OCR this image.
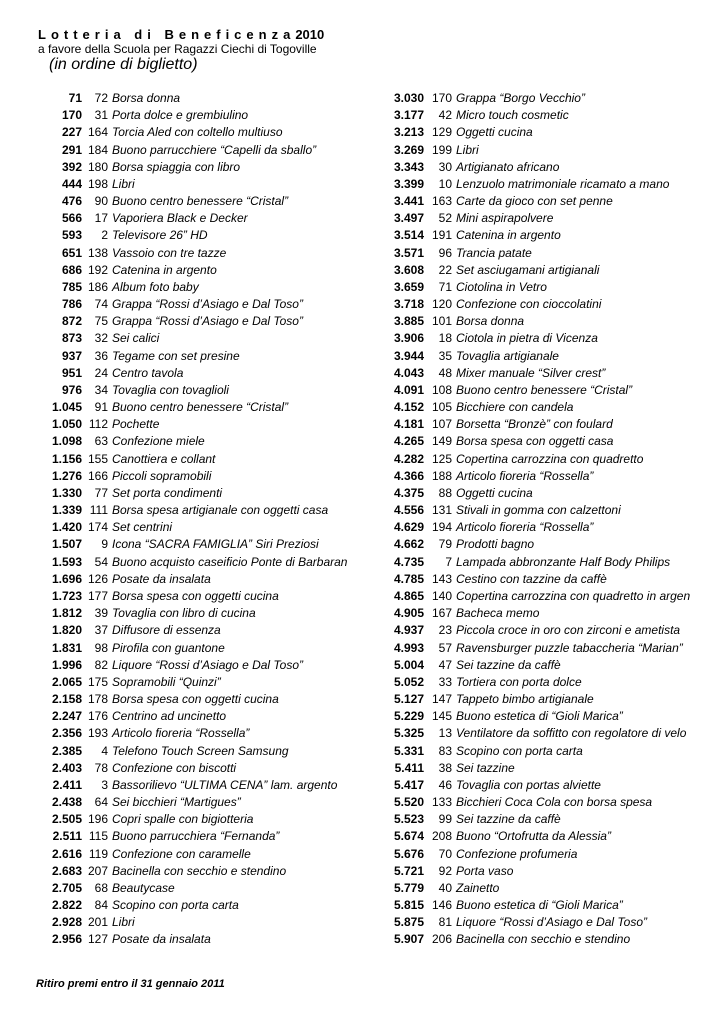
Lotteria di Beneficenza2010
a favore della Scuola per Ragazzi Ciechi di Togoville
(in ordine di biglietto)
71	72 Borsa donna
170	31 Porta dolce e grembiulino
227 164 Torcia Aled con coltello multiuso
291 184 Buono parrucchiere “Capelli da sballo”
392 180 Borsa spiaggia con libro
444 198 Libri
476	90 Buono centro benessere “Cristal”
566	17 Vaporiera Black e Decker
593	2 Televisore 26” HD
651 138 Vassoio con tre tazze
686 192 Catenina in argento
785 186 Album foto baby
786	74 Grappa “Rossi d’Asiago e Dal Toso”
872	75 Grappa “Rossi d’Asiago e Dal Toso”
873	32 Sei calici
937	36 Tegame con set presine
951	24 Centro tavola
976	34 Tovaglia con tovaglioli
1.045	91 Buono centro benessere “Cristal”
1.050 112 Pochette
1.098	63 Confezione miele
1.156 155 Canottiera e collant
1.276 166 Piccoli sopramobili
1.330	77 Set porta condimenti
1.339 111 Borsa spesa artigianale con oggetti casa
1.420 174 Set centrini
1.507	9 Icona “SACRA FAMIGLIA” Siri Preziosi
1.593	54 Buono acquisto caseificio Ponte di Barbaran
1.696 126 Posate da insalata
1.723 177 Borsa spesa con oggetti cucina
1.812	39 Tovaglia con libro di cucina
1.820	37 Diffusore di essenza
1.831	98 Pirofila con guantone
1.996	82 Liquore “Rossi d’Asiago e Dal Toso”
2.065 175 Sopramobili “Quinzi”
2.158 178 Borsa spesa con oggetti cucina
2.247 176 Centrino ad uncinetto
2.356 193 Articolo fioreria “Rossella”
2.385	4 Telefono Touch Screen Samsung
2.403	78 Confezione con biscotti
2.411	3 Bassorilievo “ULTIMA CENA” lam. argento
2.438	64 Sei bicchieri “Martigues”
2.505 196 Copri spalle con bigiotteria
2.511 115 Buono parrucchiera “Fernanda”
2.616 119 Confezione con caramelle
2.683 207 Bacinella con secchio e stendino
2.705	68 Beautycase
2.822	84 Scopino con porta carta
2.928 201 Libri
2.956 127 Posate da insalata
3.030 170 Grappa “Borgo Vecchio”
3.177	42 Micro touch cosmetic
3.213 129 Oggetti cucina
3.269 199 Libri
3.343	30 Artigianato africano
3.399	10 Lenzuolo matrimoniale ricamato a mano
3.441 163 Carte da gioco con set penne
3.497	52 Mini aspirapolvere
3.514 191 Catenina in argento
3.571	96 Trancia patate
3.608	22 Set asciugamani artigianali
3.659	71 Ciotolina in Vetro
3.718 120 Confezione con cioccolatini
3.885 101 Borsa donna
3.906	18 Ciotola in pietra di Vicenza
3.944	35 Tovaglia artigianale
4.043	48 Mixer manuale “Silver crest”
4.091 108 Buono centro benessere “Cristal”
4.152 105 Bicchiere con candela
4.181 107 Borsetta “Bronzè” con foulard
4.265 149 Borsa spesa con oggetti casa
4.282 125 Copertina carrozzina con quadretto
4.366 188 Articolo fioreria “Rossella”
4.375	88 Oggetti cucina
4.556 131 Stivali in gomma con calzettoni
4.629 194 Articolo fioreria “Rossella”
4.662	79 Prodotti bagno
4.735	7 Lampada abbronzante Half Body Philips
4.785 143 Cestino con tazzine da caffè
4.865 140 Copertina carrozzina con quadretto in argen
4.905 167 Bacheca memo
4.937	23 Piccola croce in oro con zirconi e ametista
4.993	57 Ravensburger puzzle tabaccheria “Marian”
5.004	47 Sei tazzine da caffè
5.052	33 Tortiera con porta dolce
5.127 147 Tappeto bimbo artigianale
5.229 145 Buono estetica di “Gioli Marica”
5.325	13 Ventilatore da soffitto con regolatore di velo
5.331	83 Scopino con porta carta
5.411	38 Sei tazzine
5.417	46 Tovaglia con portas alviette
5.520 133 Bicchieri Coca Cola con borsa spesa
5.523	99 Sei tazzine da caffè
5.674 208 Buono “Ortofrutta da Alessia”
5.676	70 Confezione profumeria
5.721	92 Porta vaso
5.779	40 Zainetto
5.815 146 Buono estetica di “Gioli Marica”
5.875	81 Liquore “Rossi d’Asiago e Dal Toso”
5.907 206 Bacinella con secchio e stendino
Ritiro premi entro il 31 gennaio 2011
